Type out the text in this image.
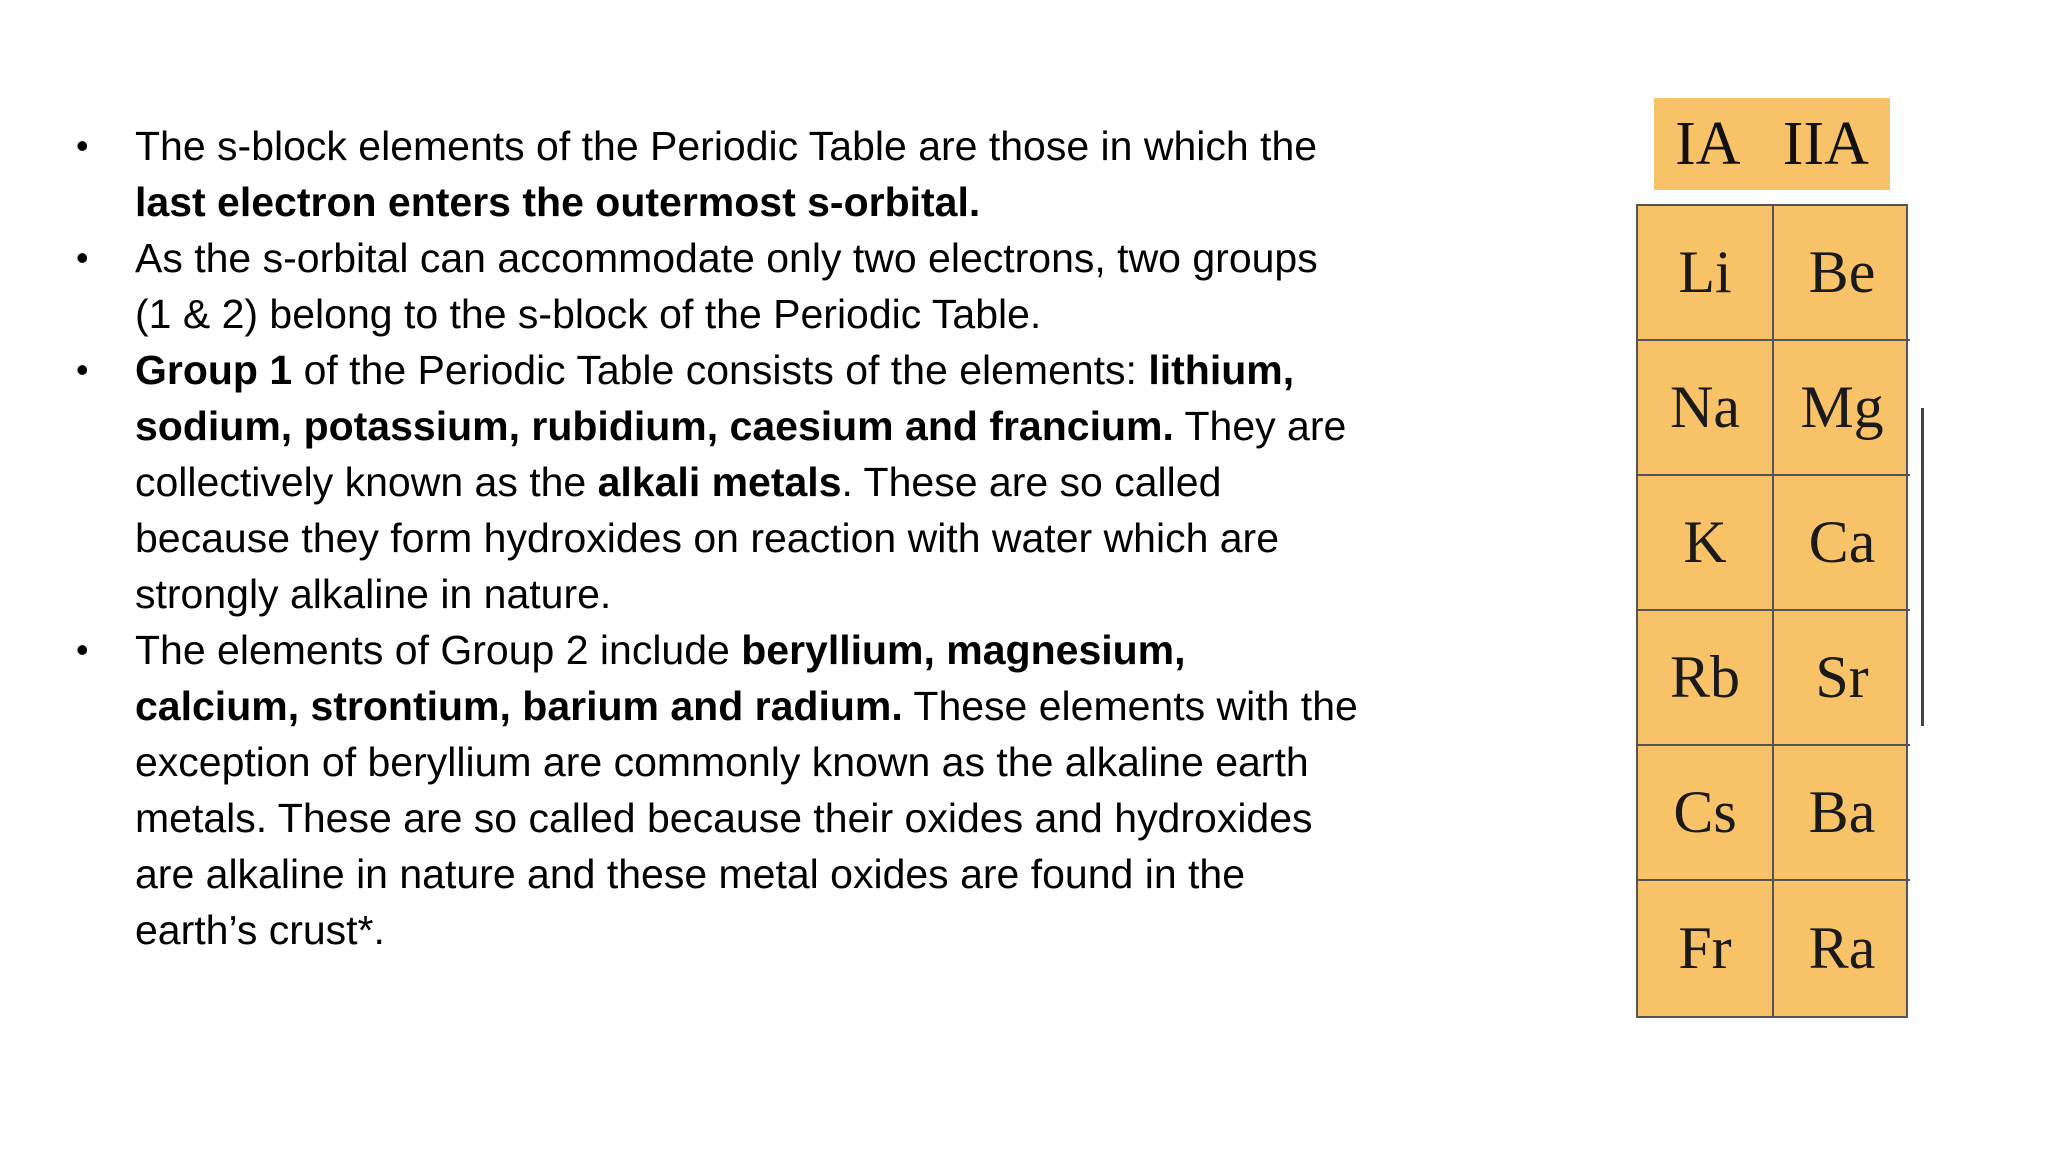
• The s-block elements of the Periodic Table are those in which the last electron enters the outermost s-orbital.
• As the s-orbital can accommodate only two electrons, two groups (1 & 2) belong to the s-block of the Periodic Table.
• Group 1 of the Periodic Table consists of the elements: lithium, sodium, potassium, rubidium, caesium and francium. They are collectively known as the alkali metals. These are so called because they form hydroxides on reaction with water which are strongly alkaline in nature.
• The elements of Group 2 include beryllium, magnesium, calcium, strontium, barium and radium. These elements with the exception of beryllium are commonly known as the alkaline earth metals. These are so called because their oxides and hydroxides are alkaline in nature and these metal oxides are found in the earth’s crust*.
IA IIA
Li	Be
Na	Mg
K	Ca
Rb	Sr
Cs	Ba
Fr	Ra
